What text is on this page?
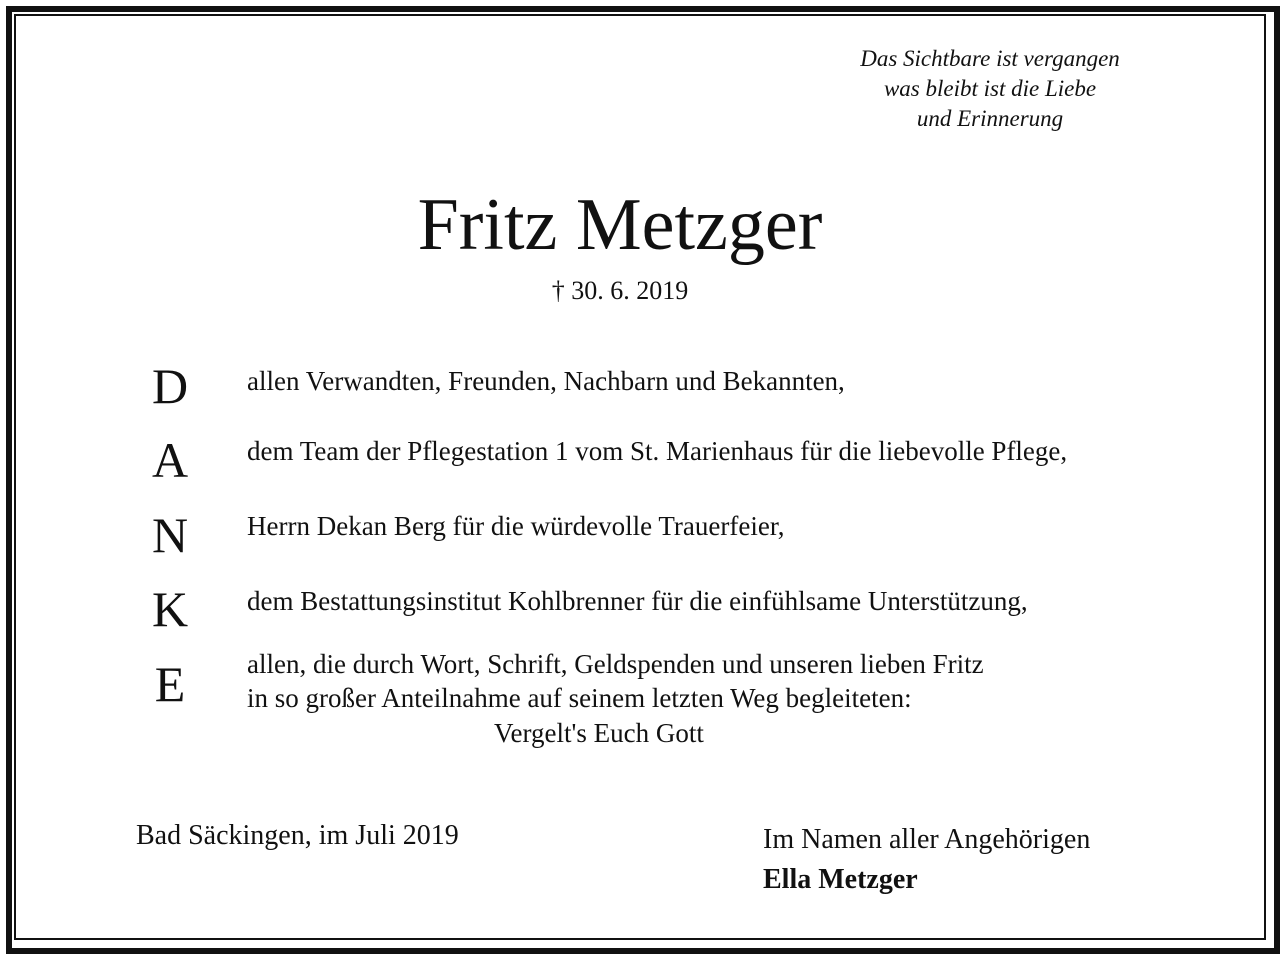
Das Sichtbare ist vergangen
was bleibt ist die Liebe
und Erinnerung
Fritz Metzger
† 30. 6. 2019
D
A
N
K
E
allen Verwandten, Freunden, Nachbarn und Bekannten,
dem Team der Pflegestation 1 vom St. Marienhaus für die liebevolle Pflege,
Herrn Dekan Berg für die würdevolle Trauerfeier,
dem Bestattungsinstitut Kohlbrenner für die einfühlsame Unterstützung,
allen, die durch Wort, Schrift, Geldspenden und unseren lieben Fritz
in so großer Anteilnahme auf seinem letzten Weg begleiteten:
Vergelt's Euch Gott
Bad Säckingen, im Juli 2019	Im Namen aller Angehörigen
Ella Metzger
